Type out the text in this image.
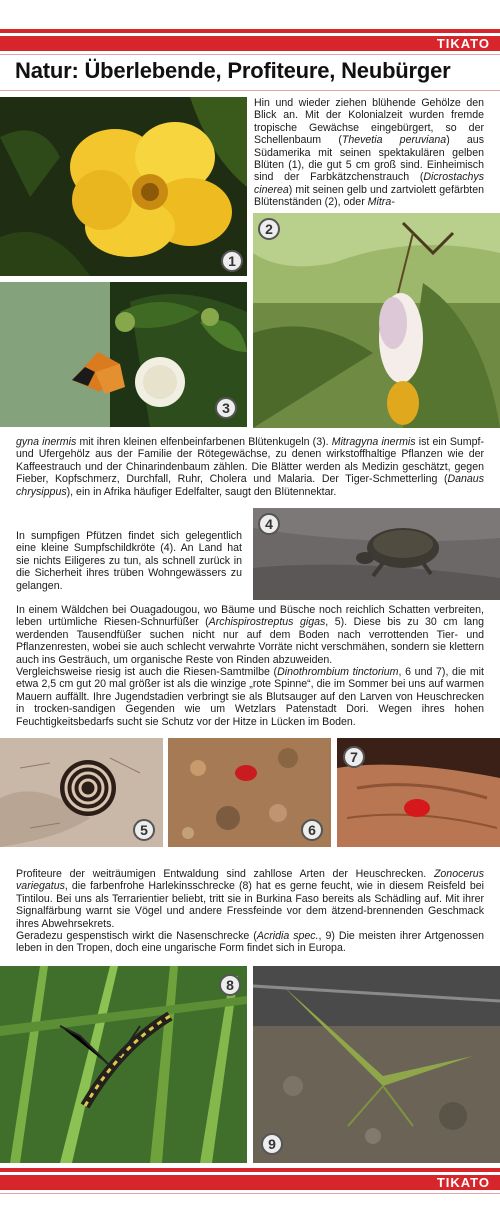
TIKATO
Natur: Überlebende, Profiteure, Neubürger
1

Hin und wieder ziehen blühende Gehölze den Blick an. Mit der Kolonialzeit wurden fremde tropische Gewächse eingebürgert, so der Schellenbaum (Thevetia peruviana) aus Südamerika mit seinen spektakulären gelben Blüten (1), die gut 5 cm groß sind. Einheimisch sind der Farbkätzchenstrauch (Dicrostachys cinerea) mit seinen gelb und zartviolett gefärbten Blütenständen (2), oder Mitra-

2
3

gyna inermis mit ihren kleinen elfenbeinfarbenen Blütenkugeln (3). Mitragyna inermis ist ein Sumpf- und Ufergehölz aus der Familie der Rötegewächse, zu denen wirkstoffhaltige Pflanzen wie der Kaffeestrauch und der Chinarindenbaum zählen. Die Blätter werden als Medizin geschätzt, gegen Fieber, Kopfschmerz, Durchfall, Ruhr, Cholera und Malaria. Der Tiger-Schmetterling (Danaus chrysippus), ein in Afrika häufiger Edelfalter, saugt den Blütennektar.

In sumpfigen Pfützen findet sich gelegentlich eine kleine Sumpfschildkröte (4). An Land hat sie nichts Eiligeres zu tun, als schnell zurück in die Sicherheit ihres trüben Wohngewässers zu gelangen.

4

In einem Wäldchen bei Ouagadougou, wo Bäume und Büsche noch reichlich Schatten verbreiten, leben urtümliche Riesen-Schnurfüßer (Archispirostreptus gigas, 5). Diese bis zu 30 cm lang werdenden Tausendfüßer suchen nicht nur auf dem Boden nach verrottenden Tier- und Pflanzenresten, wobei sie auch schlecht verwahrte Vorräte nicht verschmähen, sondern sie klettern auch ins Gesträuch, um organische Reste von Rinden abzuweiden.

Vergleichsweise riesig ist auch die Riesen-Samtmilbe (Dinothrombium tinctorium, 6 und 7), die mit etwa 2,5 cm gut 20 mal größer ist als die winzige „rote Spinne“, die im Sommer bei uns auf warmen Mauern auffällt. Ihre Jugendstadien verbringt sie als Blutsauger auf den Larven von Heuschrecken in trocken-sandigen Gegenden wie um Wetzlars Patenstadt Dori. Wegen ihres hohen Feuchtigkeitsbedarfs sucht sie Schutz vor der Hitze in Lücken im Boden.

5	6
7

Profiteure der weiträumigen Entwaldung sind zahllose Arten der Heuschrecken. Zonocerus variegatus, die farbenfrohe Harlekinsschrecke (8) hat es gerne feucht, wie in diesem Reisfeld bei Tintilou. Bei uns als Terrarientier beliebt, tritt sie in Burkina Faso bereits als Schädling auf. Mit ihrer Signalfärbung warnt sie Vögel und andere Fressfeinde vor dem ätzend-brennenden Geschmack ihres Abwehrsekrets.

Geradezu gespenstisch wirkt die Nasenschrecke (Acridia spec., 9) Die meisten ihrer Artgenossen leben in den Tropen, doch eine ungarische Form findet sich in Europa.

8
9
TIKATO
